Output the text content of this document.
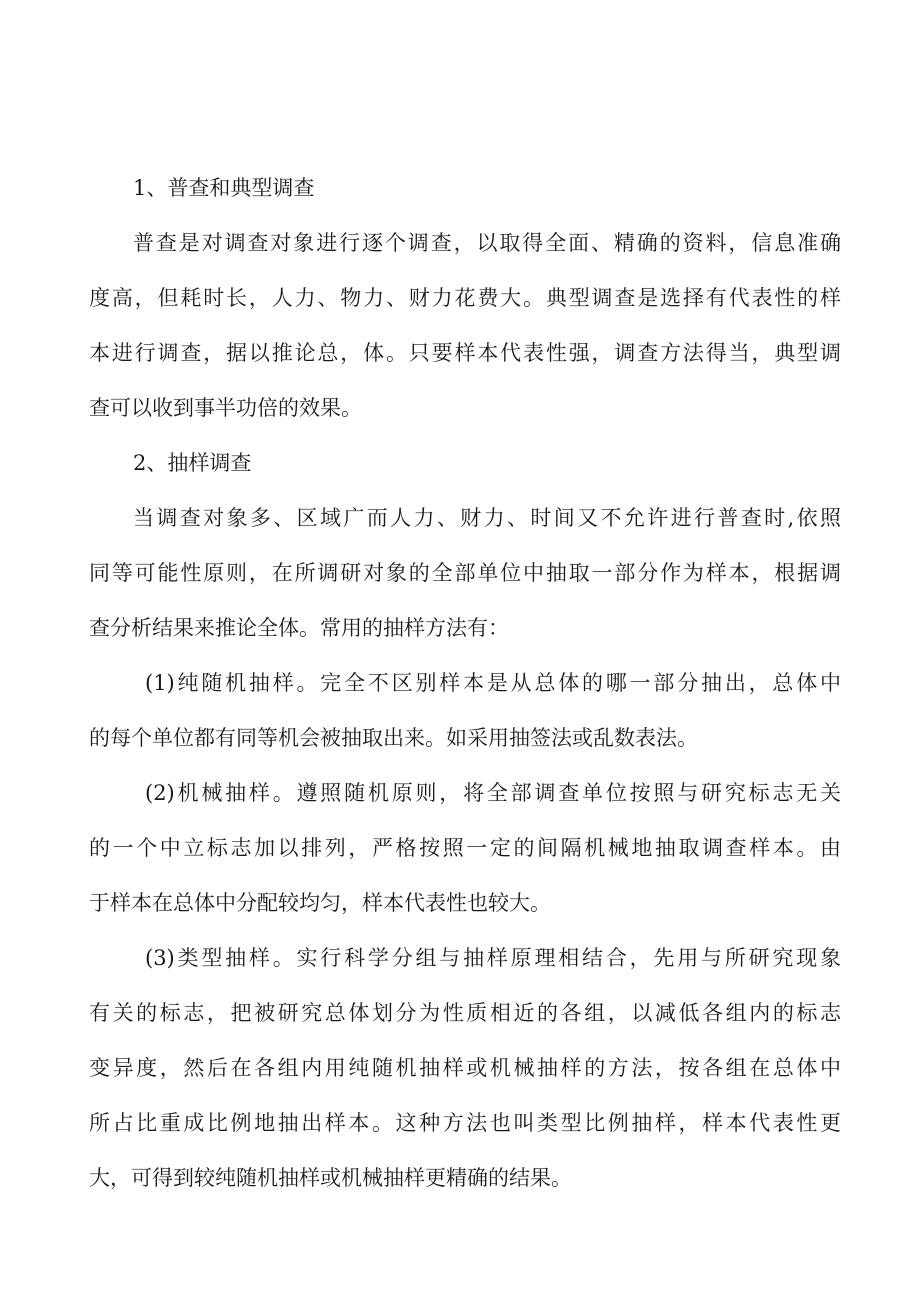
1、普查和典型调查
普查是对调查对象进行逐个调查，以取得全面、精确的资料，信息准确
度高，但耗时长，人力、物力、财力花费大。典型调查是选择有代表性的样
本进行调查，据以推论总，体。只要样本代表性强，调查方法得当，典型调
查可以收到事半功倍的效果。
2、抽样调查
当调查对象多、区域广而人力、财力、时间又不允许进行普查时,依照
同等可能性原则，在所调研对象的全部单位中抽取一部分作为样本，根据调
查分析结果来推论全体。常用的抽样方法有：
(1)纯随机抽样。完全不区别样本是从总体的哪一部分抽出，总体中
的每个单位都有同等机会被抽取出来。如采用抽签法或乱数表法。
(2)机械抽样。遵照随机原则，将全部调查单位按照与研究标志无关
的一个中立标志加以排列，严格按照一定的间隔机械地抽取调查样本。由
于样本在总体中分配较均匀，样本代表性也较大。
(3)类型抽样。实行科学分组与抽样原理相结合，先用与所研究现象
有关的标志，把被研究总体划分为性质相近的各组，以减低各组内的标志
变异度，然后在各组内用纯随机抽样或机械抽样的方法，按各组在总体中
所占比重成比例地抽出样本。这种方法也叫类型比例抽样，样本代表性更
大，可得到较纯随机抽样或机械抽样更精确的结果。
